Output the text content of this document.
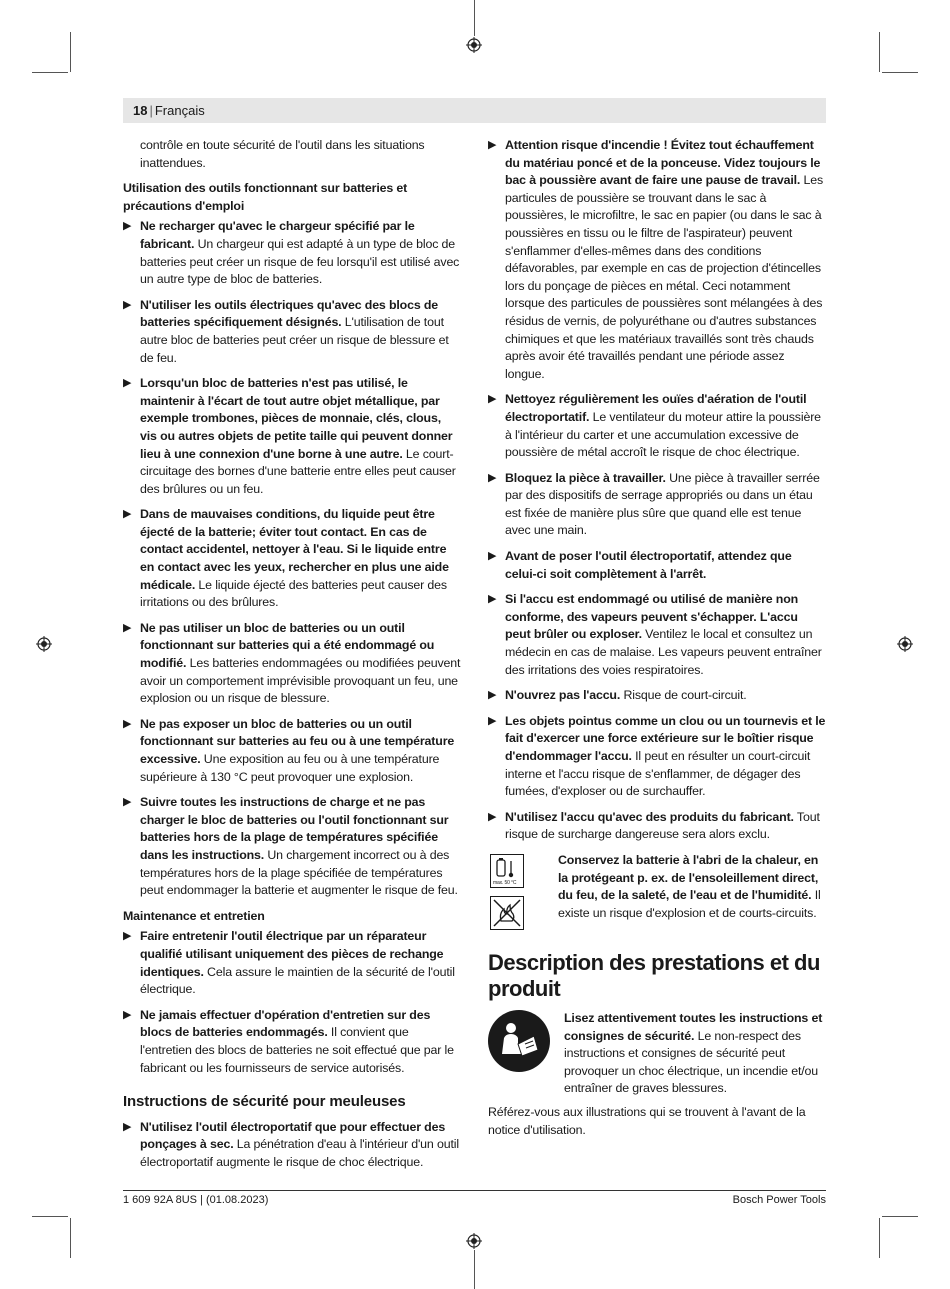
18 | Français

contrôle en toute sécurité de l'outil dans les situations inattendues.

Utilisation des outils fonctionnant sur batteries et précautions d'emploi
▶ Ne recharger qu'avec le chargeur spécifié par le fabricant. Un chargeur qui est adapté à un type de bloc de batteries peut créer un risque de feu lorsqu'il est utilisé avec un autre type de bloc de batteries.
▶ N'utiliser les outils électriques qu'avec des blocs de batteries spécifiquement désignés. L'utilisation de tout autre bloc de batteries peut créer un risque de blessure et de feu.
▶ Lorsqu'un bloc de batteries n'est pas utilisé, le maintenir à l'écart de tout autre objet métallique, par exemple trombones, pièces de monnaie, clés, clous, vis ou autres objets de petite taille qui peuvent donner lieu à une connexion d'une borne à une autre. Le court-circuitage des bornes d'une batterie entre elles peut causer des brûlures ou un feu.
▶ Dans de mauvaises conditions, du liquide peut être éjecté de la batterie; éviter tout contact. En cas de contact accidentel, nettoyer à l'eau. Si le liquide entre en contact avec les yeux, rechercher en plus une aide médicale. Le liquide éjecté des batteries peut causer des irritations ou des brûlures.
▶ Ne pas utiliser un bloc de batteries ou un outil fonctionnant sur batteries qui a été endommagé ou modifié. Les batteries endommagées ou modifiées peuvent avoir un comportement imprévisible provoquant un feu, une explosion ou un risque de blessure.
▶ Ne pas exposer un bloc de batteries ou un outil fonctionnant sur batteries au feu ou à une température excessive. Une exposition au feu ou à une température supérieure à 130 °C peut provoquer une explosion.
▶ Suivre toutes les instructions de charge et ne pas charger le bloc de batteries ou l'outil fonctionnant sur batteries hors de la plage de températures spécifiée dans les instructions. Un chargement incorrect ou à des températures hors de la plage spécifiée de températures peut endommager la batterie et augmenter le risque de feu.
Maintenance et entretien
▶ Faire entretenir l'outil électrique par un réparateur qualifié utilisant uniquement des pièces de rechange identiques. Cela assure le maintien de la sécurité de l'outil électrique.
▶ Ne jamais effectuer d'opération d'entretien sur des blocs de batteries endommagés. Il convient que l'entretien des blocs de batteries ne soit effectué que par le fabricant ou les fournisseurs de service autorisés.
Instructions de sécurité pour meuleuses
▶ N'utilisez l'outil électroportatif que pour effectuer des ponçages à sec. La pénétration d'eau à l'intérieur d'un outil électroportatif augmente le risque de choc électrique.
▶ Attention risque d'incendie ! Évitez tout échauffement du matériau poncé et de la ponceuse. Videz toujours le bac à poussière avant de faire une pause de travail. Les particules de poussière se trouvant dans le sac à poussières, le microfiltre, le sac en papier (ou dans le sac à poussières en tissu ou le filtre de l'aspirateur) peuvent s'enflammer d'elles-mêmes dans des conditions défavorables, par exemple en cas de projection d'étincelles lors du ponçage de pièces en métal. Ceci notamment lorsque des particules de poussières sont mélangées à des résidus de vernis, de polyuréthane ou d'autres substances chimiques et que les matériaux travaillés sont très chauds après avoir été travaillés pendant une période assez longue.
▶ Nettoyez régulièrement les ouïes d'aération de l'outil électroportatif. Le ventilateur du moteur attire la poussière à l'intérieur du carter et une accumulation excessive de poussière de métal accroît le risque de choc électrique.
▶ Bloquez la pièce à travailler. Une pièce à travailler serrée par des dispositifs de serrage appropriés ou dans un étau est fixée de manière plus sûre que quand elle est tenue avec une main.
▶ Avant de poser l'outil électroportatif, attendez que celui-ci soit complètement à l'arrêt.
▶ Si l'accu est endommagé ou utilisé de manière non conforme, des vapeurs peuvent s'échapper. L'accu peut brûler ou exploser. Ventilez le local et consultez un médecin en cas de malaise. Les vapeurs peuvent entraîner des irritations des voies respiratoires.
▶ N'ouvrez pas l'accu. Risque de court-circuit.
▶ Les objets pointus comme un clou ou un tournevis et le fait d'exercer une force extérieure sur le boîtier risque d'endommager l'accu. Il peut en résulter un court-circuit interne et l'accu risque de s'enflammer, de dégager des fumées, d'exploser ou de surchauffer.
▶ N'utilisez l'accu qu'avec des produits du fabricant. Tout risque de surcharge dangereuse sera alors exclu.
max. 50 °C
Conservez la batterie à l'abri de la chaleur, en la protégeant p. ex. de l'ensoleillement direct, du feu, de la saleté, de l'eau et de l'humidité. Il existe un risque d'explosion et de courts-circuits.
Description des prestations et du produit
Lisez attentivement toutes les instructions et consignes de sécurité. Le non-respect des instructions et consignes de sécurité peut provoquer un choc électrique, un incendie et/ou entraîner de graves blessures.

Référez-vous aux illustrations qui se trouvent à l'avant de la notice d'utilisation.

1 609 92A 8US | (01.08.2023)	Bosch Power Tools
